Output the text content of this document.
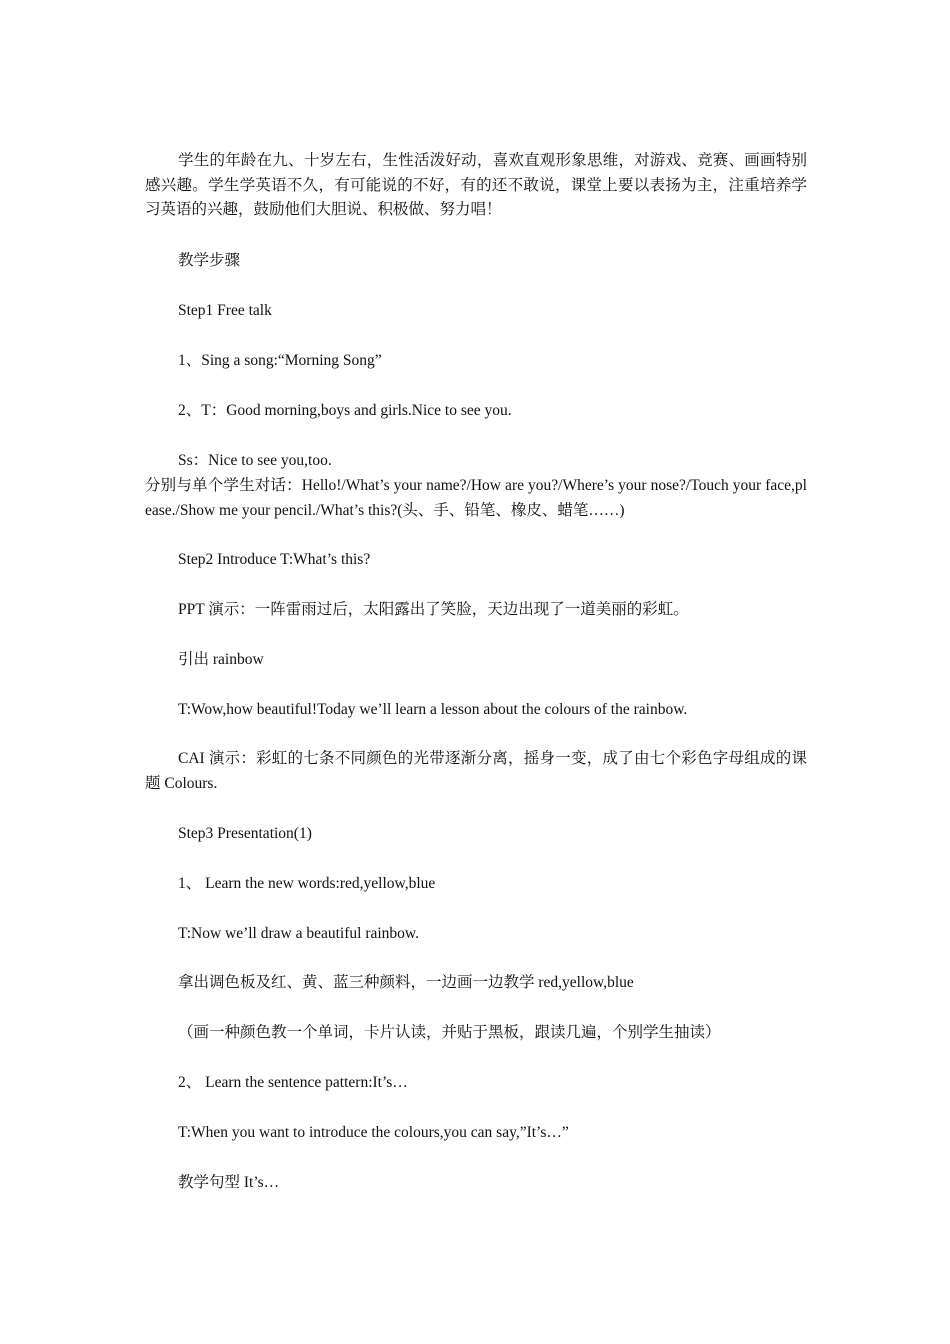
学生的年龄在九、十岁左右，生性活泼好动，喜欢直观形象思维，对游戏、竞赛、画画特别感兴趣。学生学英语不久，有可能说的不好，有的还不敢说，课堂上要以表扬为主，注重培养学习英语的兴趣，鼓励他们大胆说、积极做、努力唱！

教学步骤

Step1 Free talk

1、Sing a song:“Morning Song”

2、T：Good morning,boys and girls.Nice to see you.

Ss：Nice to see you,too.

分别与单个学生对话：Hello!/What’s your name?/How are you?/Where’s your nose?/Touch your face,please./Show me your pencil./What’s this?(头、手、铅笔、橡皮、蜡笔……)

Step2 Introduce T:What’s this?

PPT 演示：一阵雷雨过后，太阳露出了笑脸，天边出现了一道美丽的彩虹。

引出 rainbow

T:Wow,how beautiful!Today we’ll learn a lesson about the colours of the rainbow.

CAI 演示：彩虹的七条不同颜色的光带逐渐分离，摇身一变，成了由七个彩色字母组成的课题 Colours.

Step3 Presentation(1)

1、 Learn the new words:red,yellow,blue

T:Now we’ll draw a beautiful rainbow.

拿出调色板及红、黄、蓝三种颜料，一边画一边教学 red,yellow,blue

（画一种颜色教一个单词，卡片认读，并贴于黑板，跟读几遍，个别学生抽读）

2、 Learn the sentence pattern:It’s…

T:When you want to introduce the colours,you can say,”It’s…”

教学句型 It’s…
